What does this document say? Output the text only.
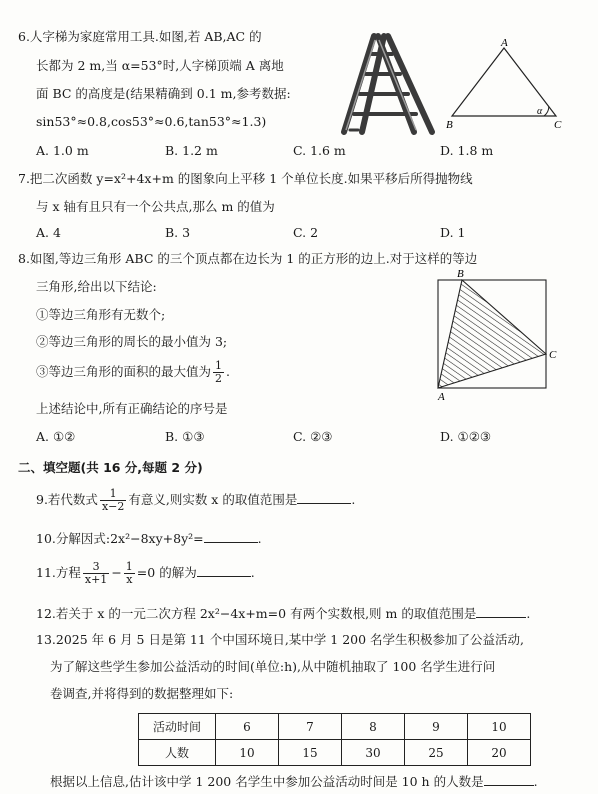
6.人字梯为家庭常用工具.如图,若 AB,AC 的
长都为 2 m,当 α=53°时,人字梯顶端 A 离地
面 BC 的高度是(结果精确到 0.1 m,参考数据:
sin53°≈0.8,cos53°≈0.6,tan53°≈1.3)
A. 1.0 m	B. 1.2 m	C. 1.6 m	D. 1.8 m
A
B	C
α
7.把二次函数 y=x²+4x+m 的图象向上平移 1 个单位长度.如果平移后所得抛物线
与 x 轴有且只有一个公共点,那么 m 的值为
A. 4	B. 3	C. 2	D. 1
8.如图,等边三角形 ABC 的三个顶点都在边长为 1 的正方形的边上.对于这样的等边
三角形,给出以下结论:
①等边三角形有无数个;
②等边三角形的周长的最小值为 3;
③等边三角形的面积的最大值为 $\frac{1}{2}$ .
上述结论中,所有正确结论的序号是
A. ①②	B. ①③	C. ②③	D. ①②③
B
C
A
二、填空题(共 16 分,每题 2 分)
9.若代数式 $\frac{1}{x-2}$ 有意义,则实数 x 的取值范围是	.
10.分解因式:2x²−8xy+8y²=	.
11.方程 $\frac{3}{x+1} - \frac{1}{x} =0$ 的解为	.
12.若关于 x 的一元二次方程 2x²−4x+m=0 有两个实数根,则 m 的取值范围是	.
13.2025 年 6 月 5 日是第 11 个中国环境日,某中学 1 200 名学生积极参加了公益活动,
为了解这些学生参加公益活动的时间(单位:h),从中随机抽取了 100 名学生进行问
卷调查,并将得到的数据整理如下:
活动时间	6	7	8	9	10
人数	10	15	30	25	20
根据以上信息,估计该中学 1 200 名学生中参加公益活动时间是 10 h 的人数是	.
